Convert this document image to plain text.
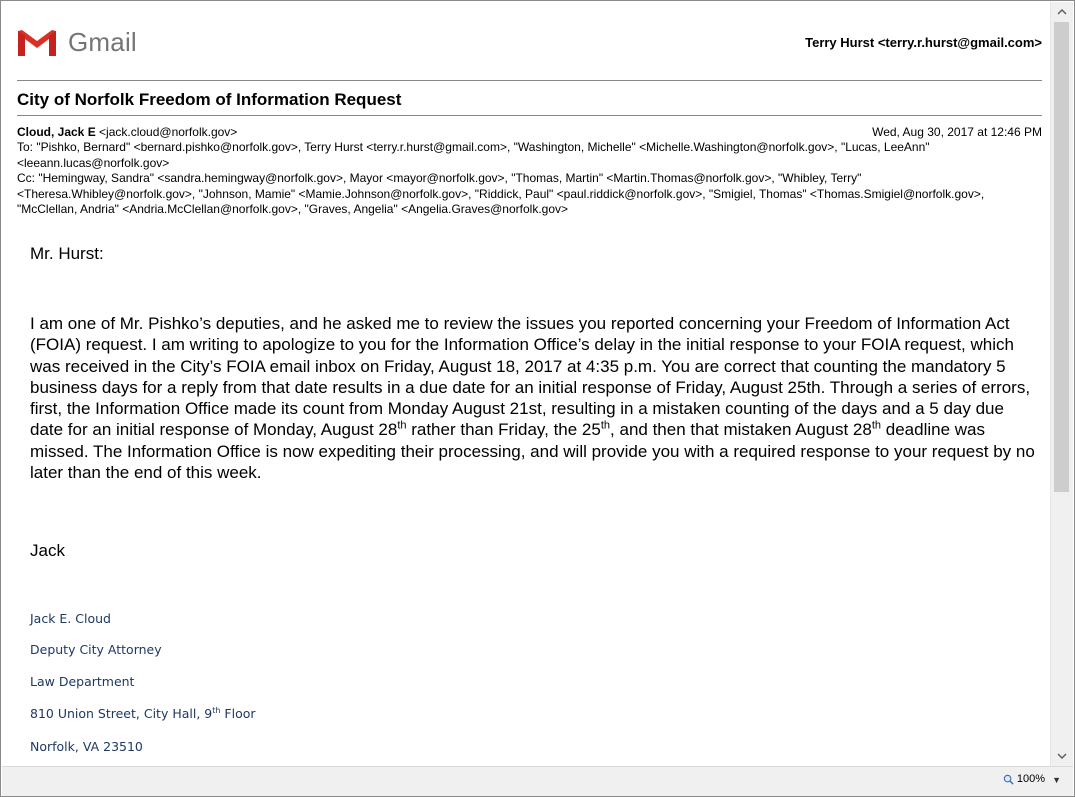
Gmail	Terry Hurst <terry.r.hurst@gmail.com>
City of Norfolk Freedom of Information Request
Cloud, Jack E <jack.cloud@norfolk.gov>	Wed, Aug 30, 2017 at 12:46 PM
To: "Pishko, Bernard" <bernard.pishko@norfolk.gov>, Terry Hurst <terry.r.hurst@gmail.com>, "Washington, Michelle" <Michelle.Washington@norfolk.gov>, "Lucas, LeeAnn" <leeann.lucas@norfolk.gov>
Cc: "Hemingway, Sandra" <sandra.hemingway@norfolk.gov>, Mayor <mayor@norfolk.gov>, "Thomas, Martin" <Martin.Thomas@norfolk.gov>, "Whibley, Terry" <Theresa.Whibley@norfolk.gov>, "Johnson, Mamie" <Mamie.Johnson@norfolk.gov>, "Riddick, Paul" <paul.riddick@norfolk.gov>, "Smigiel, Thomas" <Thomas.Smigiel@norfolk.gov>, "McClellan, Andria" <Andria.McClellan@norfolk.gov>, "Graves, Angelia" <Angelia.Graves@norfolk.gov>
Mr. Hurst:
I am one of Mr. Pishko’s deputies, and he asked me to review the issues you reported concerning your Freedom of Information Act (FOIA) request. I am writing to apologize to you for the Information Office’s delay in the initial response to your FOIA request, which was received in the City’s FOIA email inbox on Friday, August 18, 2017 at 4:35 p.m. You are correct that counting the mandatory 5 business days for a reply from that date results in a due date for an initial response of Friday, August 25th. Through a series of errors, first, the Information Office made its count from Monday August 21st, resulting in a mistaken counting of the days and a 5 day due date for an initial response of Monday, August 28th rather than Friday, the 25th, and then that mistaken August 28th deadline was missed. The Information Office is now expediting their processing, and will provide you with a required response to your request by no later than the end of this week.
Jack
Jack E. Cloud
Deputy City Attorney
Law Department
810 Union Street, City Hall, 9th Floor
Norfolk, VA 23510
100% ▼
